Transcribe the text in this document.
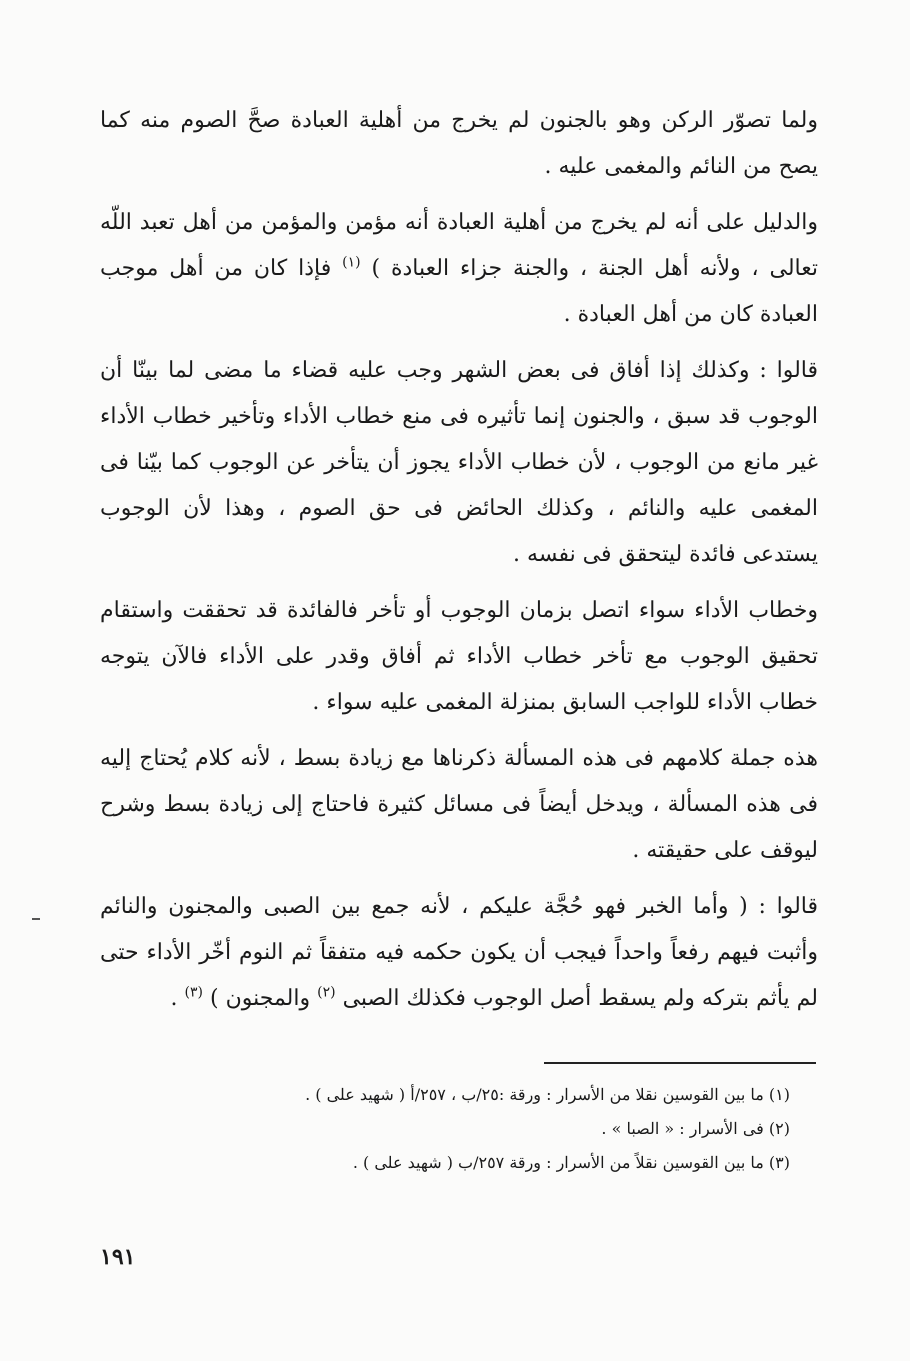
ولما تصوّر الركن وهو بالجنون لم يخرج من أهلية العبادة صحَّ الصوم منه كما يصح من النائم والمغمى عليه .

والدليل على أنه لم يخرج من أهلية العبادة أنه مؤمن والمؤمن من أهل تعبد اللّه تعالى ، ولأنه أهل الجنة ، والجنة جزاء العبادة ) $^{(١)}$ فإذا كان من أهل موجب العبادة كان من أهل العبادة .

قالوا : وكذلك إذا أفاق فى بعض الشهر وجب عليه قضاء ما مضى لما بينّا أن الوجوب قد سبق ، والجنون إنما تأثيره فى منع خطاب الأداء وتأخير خطاب الأداء غير مانع من الوجوب ، لأن خطاب الأداء يجوز أن يتأخر عن الوجوب كما بيّنا فى المغمى عليه والنائم ، وكذلك الحائض فى حق الصوم ، وهذا لأن الوجوب يستدعى فائدة ليتحقق فى نفسه .

وخطاب الأداء سواء اتصل بزمان الوجوب أو تأخر فالفائدة قد تحققت واستقام تحقيق الوجوب مع تأخر خطاب الأداء ثم أفاق وقدر على الأداء فالآن يتوجه خطاب الأداء للواجب السابق بمنزلة المغمى عليه سواء .

هذه جملة كلامهم فى هذه المسألة ذكرناها مع زيادة بسط ، لأنه كلام يُحتاج إليه فى هذه المسألة ، ويدخل أيضاً فى مسائل كثيرة فاحتاج إلى زيادة بسط وشرح ليوقف على حقيقته .

قالوا : ( وأما الخبر فهو حُجَّة عليكم ، لأنه جمع بين الصبى والمجنون والنائم وأثبت فيهم رفعاً واحداً فيجب أن يكون حكمه فيه متفقاً ثم النوم أخّر الأداء حتى لم يأثم بتركه ولم يسقط أصل الوجوب فكذلك الصبى $^{(٢)}$ والمجنون ) $^{(٣)}$ .

(١) ما بين القوسين نقلا من الأسرار : ورقة :٢٥/ب ، ٢٥٧/أ ( شهيد على ) .
(٢) فى الأسرار : « الصبا » .
(٣) ما بين القوسين نقلاً من الأسرار : ورقة ٢٥٧/ب ( شهيد على ) .
١٩١
